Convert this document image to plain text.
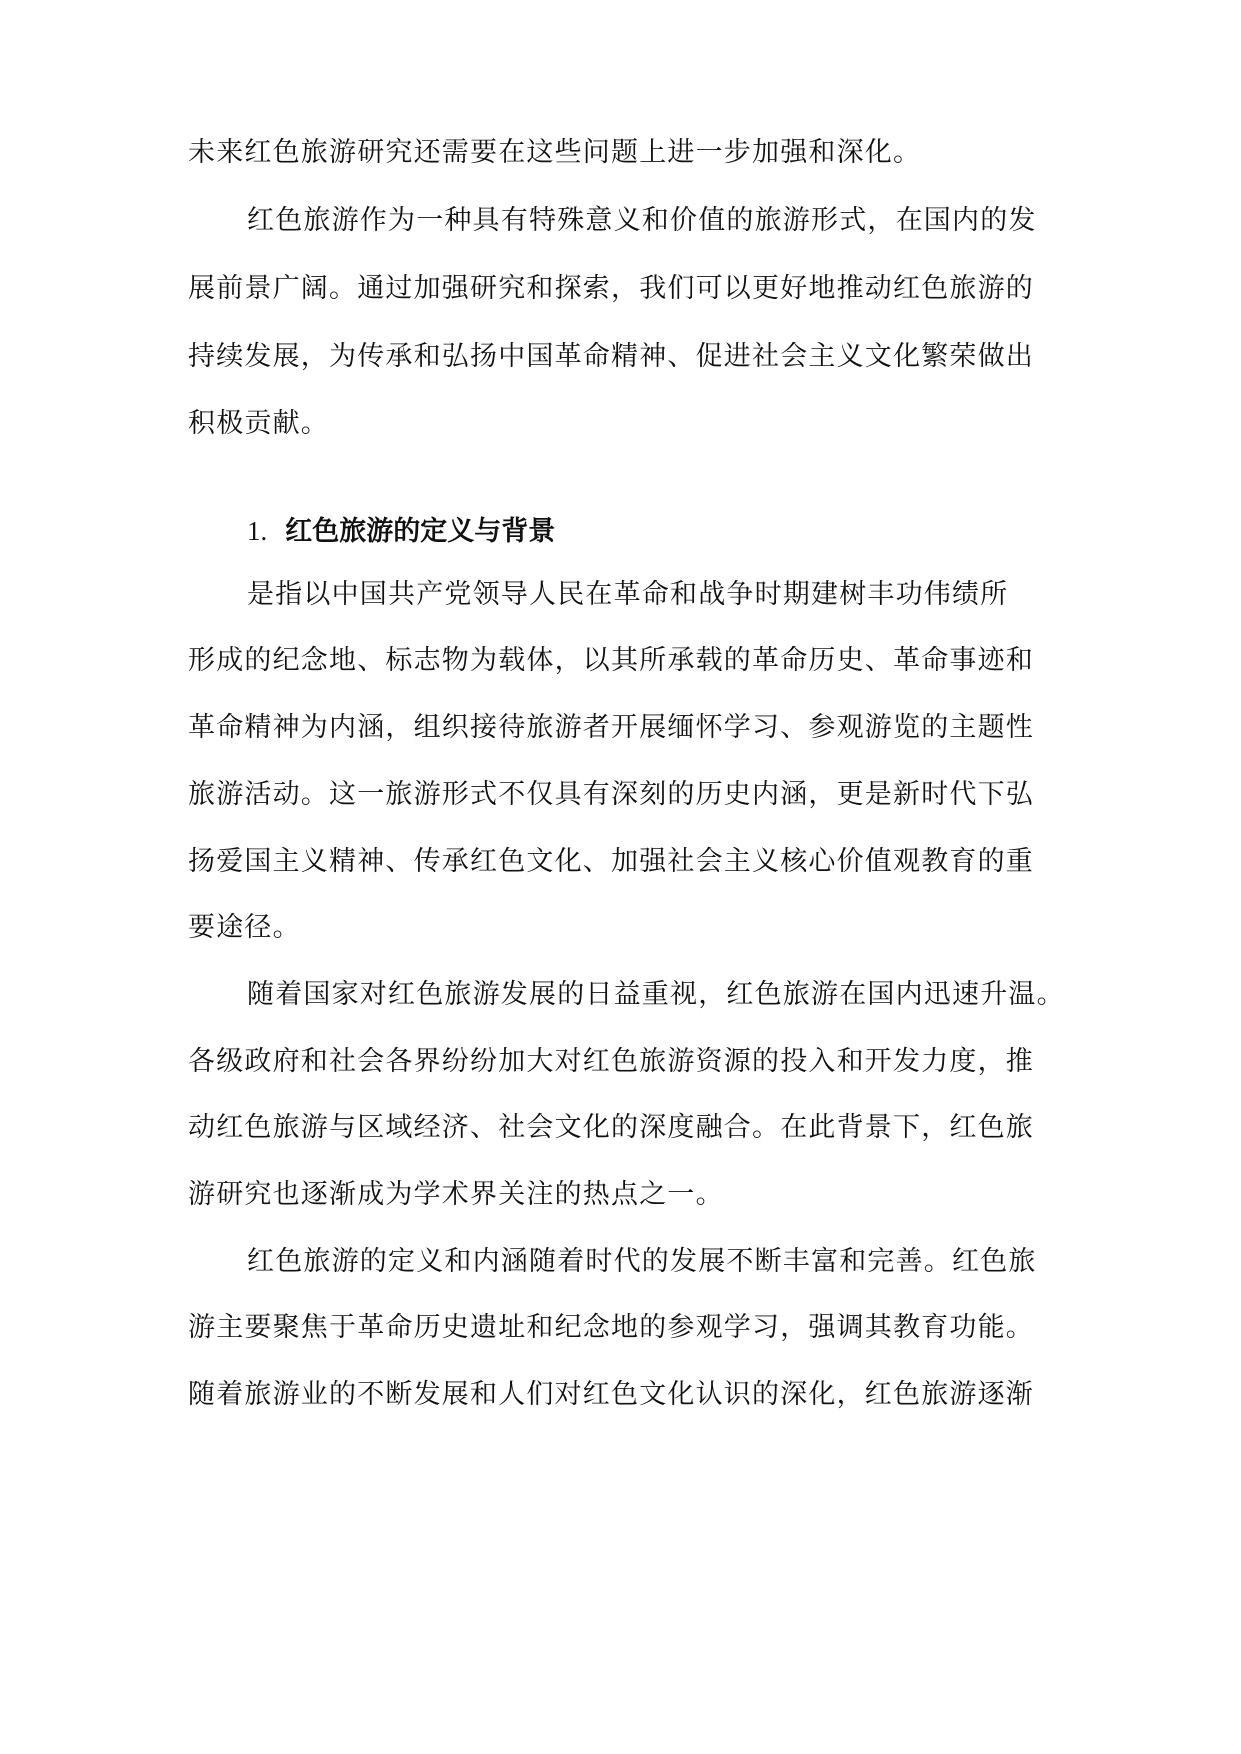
未来红色旅游研究还需要在这些问题上进一步加强和深化。
红色旅游作为一种具有特殊意义和价值的旅游形式，在国内的发
展前景广阔。通过加强研究和探索，我们可以更好地推动红色旅游的
持续发展，为传承和弘扬中国革命精神、促进社会主义文化繁荣做出
积极贡献。
1. 红色旅游的定义与背景
是指以中国共产党领导人民在革命和战争时期建树丰功伟绩所
形成的纪念地、标志物为载体，以其所承载的革命历史、革命事迹和
革命精神为内涵，组织接待旅游者开展缅怀学习、参观游览的主题性
旅游活动。这一旅游形式不仅具有深刻的历史内涵，更是新时代下弘
扬爱国主义精神、传承红色文化、加强社会主义核心价值观教育的重
要途径。
随着国家对红色旅游发展的日益重视，红色旅游在国内迅速升温。
各级政府和社会各界纷纷加大对红色旅游资源的投入和开发力度，推
动红色旅游与区域经济、社会文化的深度融合。在此背景下，红色旅
游研究也逐渐成为学术界关注的热点之一。
红色旅游的定义和内涵随着时代的发展不断丰富和完善。红色旅
游主要聚焦于革命历史遗址和纪念地的参观学习，强调其教育功能。
随着旅游业的不断发展和人们对红色文化认识的深化，红色旅游逐渐
